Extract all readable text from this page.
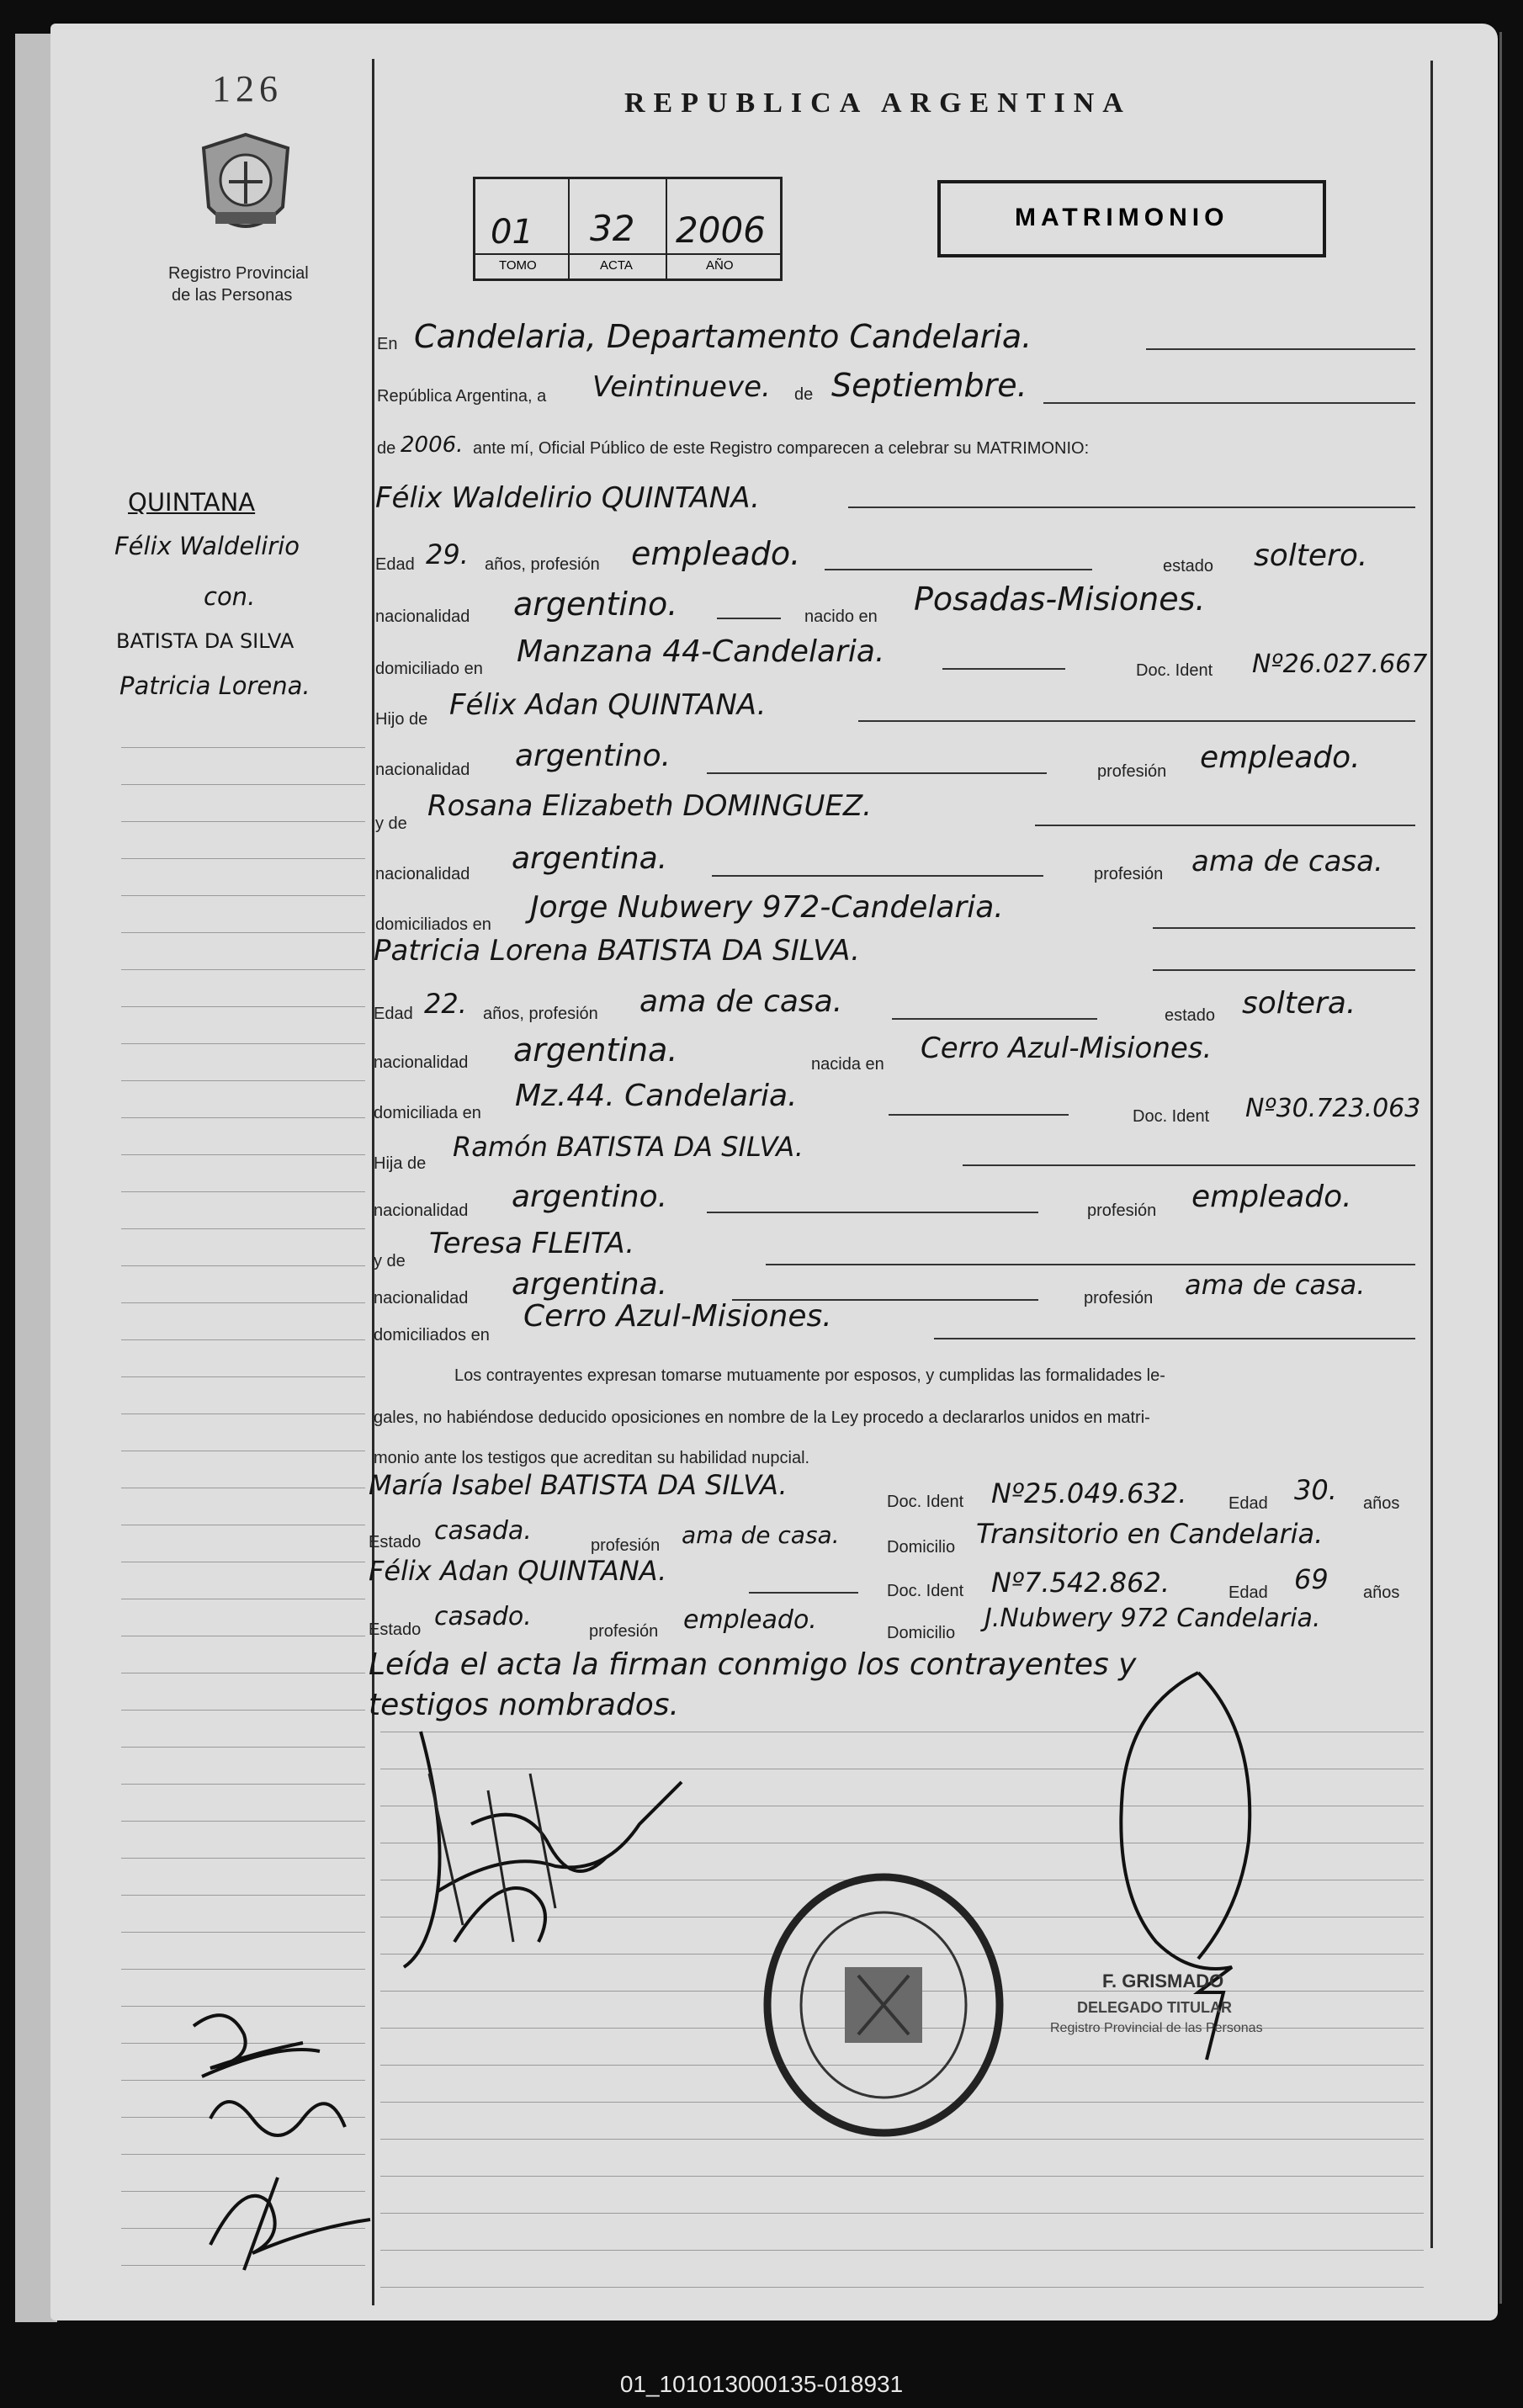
126
Registro Provincial
de las Personas
REPUBLICA ARGENTINA
01 32 2006
TOMO	ACTA	AÑO
MATRIMONIO
QUINTANA
Félix Waldelirio
con.
BATISTA DA SILVA
Patricia Lorena.
En Candelaria, Departamento Candelaria.
República Argentina, a Veintinueve. de Septiembre.
de 2006. ante mí, Oficial Público de este Registro comparecen a celebrar su MATRIMONIO:
Félix Waldelirio QUINTANA.
Edad 29. años, profesión empleado.	estado soltero.
nacionalidad argentino.	nacido en Posadas-Misiones.
domiciliado en Manzana 44-Candelaria.
Doc. Ident Nº26.027.667
Hijo de Félix Adan QUINTANA.
nacionalidad argentino.	profesión empleado.
y de
Rosana Elizabeth DOMINGUEZ.
nacionalidad argentina.	profesión ama de casa.
domiciliados en Jorge Nubwery 972-Candelaria.
Patricia Lorena BATISTA DA SILVA.
Edad 22. años, profesión ama de casa.	estado soltera.
nacionalidad argentina.	nacida en Cerro Azul-Misiones.
domiciliada en Mz.44. Candelaria.
Doc. Ident Nº30.723.063
Hija de
Ramón BATISTA DA SILVA.
nacionalidad argentino.	profesión empleado.
y de
Teresa FLEITA.
nacionalidad argentina.	profesión ama de casa.
domiciliados en
Cerro Azul-Misiones.
Los contrayentes expresan tomarse mutuamente por esposos, y cumplidas las formalidades le-
gales, no habiéndose deducido oposiciones en nombre de la Ley procedo a declararlos unidos en matri-
monio ante los testigos que acreditan su habilidad nupcial.
María Isabel BATISTA DA SILVA.
Doc. Ident Nº25.049.632. Edad 30. años
Estado casada.	profesión ama de casa.	Domicilio Transitorio en Candelaria.
Félix Adan QUINTANA.
Doc. Ident Nº7.542.862.	Edad 69 años
Estado casado.	profesión empleado.	Domicilio J.Nubwery 972 Candelaria.
Leída el acta la firman conmigo los contrayentes y
testigos nombrados.
F. GRISMADO
DELEGADO TITULAR
Registro Provincial de las Personas
01_101013000135-018931
